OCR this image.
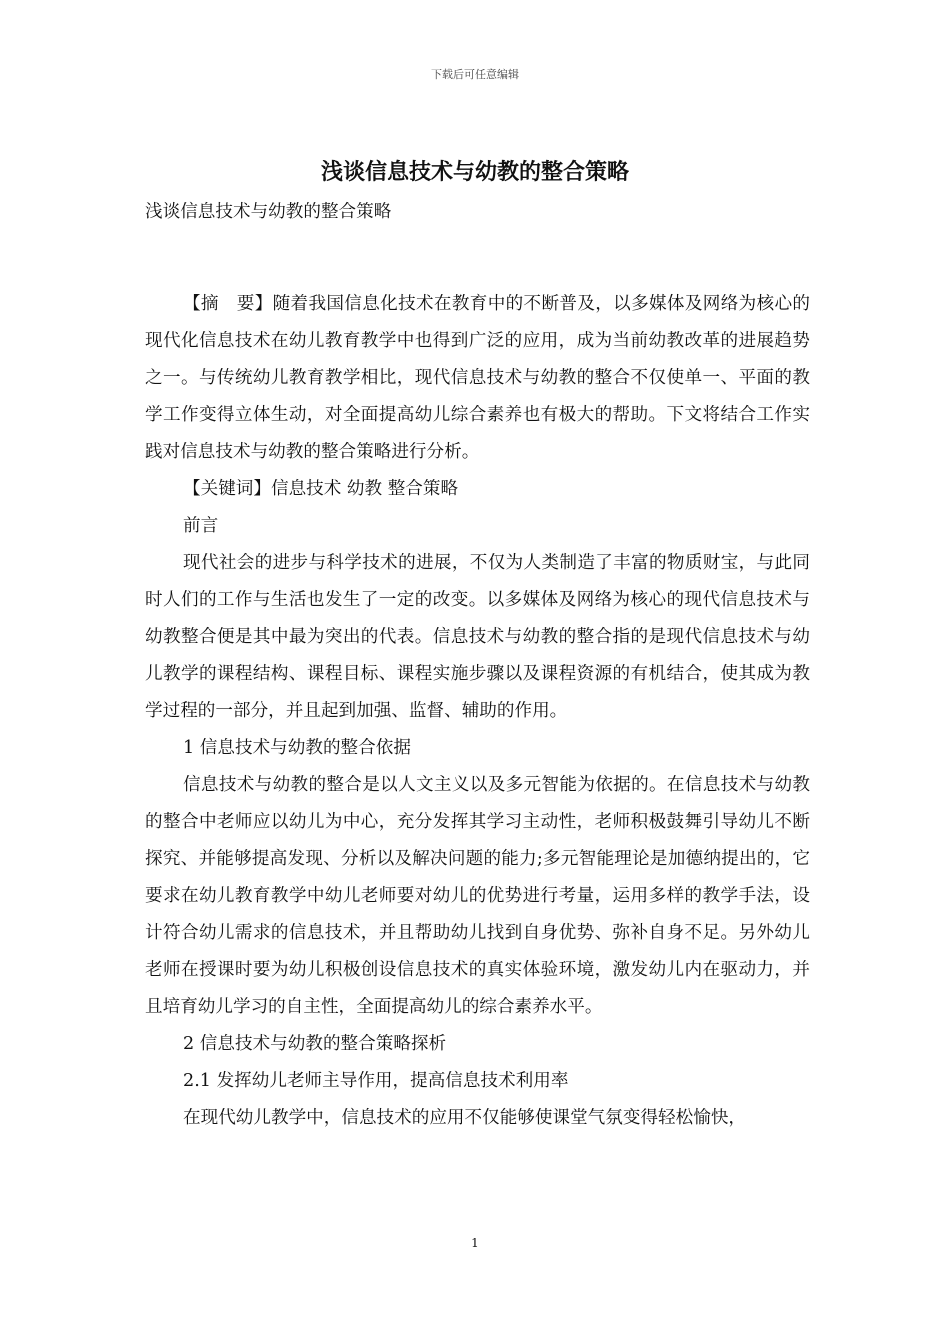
下载后可任意编辑
浅谈信息技术与幼教的整合策略

浅谈信息技术与幼教的整合策略

【摘　要】随着我国信息化技术在教育中的不断普及，以多媒体及网络为核心的现代化信息技术在幼儿教育教学中也得到广泛的应用，成为当前幼教改革的进展趋势之一。与传统幼儿教育教学相比，现代信息技术与幼教的整合不仅使单一、平面的教学工作变得立体生动，对全面提高幼儿综合素养也有极大的帮助。下文将结合工作实践对信息技术与幼教的整合策略进行分析。

【关键词】信息技术 幼教 整合策略

前言

现代社会的进步与科学技术的进展，不仅为人类制造了丰富的物质财宝，与此同时人们的工作与生活也发生了一定的改变。以多媒体及网络为核心的现代信息技术与幼教整合便是其中最为突出的代表。信息技术与幼教的整合指的是现代信息技术与幼儿教学的课程结构、课程目标、课程实施步骤以及课程资源的有机结合，使其成为教学过程的一部分，并且起到加强、监督、辅助的作用。

1 信息技术与幼教的整合依据

信息技术与幼教的整合是以人文主义以及多元智能为依据的。在信息技术与幼教的整合中老师应以幼儿为中心，充分发挥其学习主动性，老师积极鼓舞引导幼儿不断探究、并能够提高发现、分析以及解决问题的能力;多元智能理论是加德纳提出的，它要求在幼儿教育教学中幼儿老师要对幼儿的优势进行考量，运用多样的教学手法，设计符合幼儿需求的信息技术，并且帮助幼儿找到自身优势、弥补自身不足。另外幼儿老师在授课时要为幼儿积极创设信息技术的真实体验环境，激发幼儿内在驱动力，并且培育幼儿学习的自主性，全面提高幼儿的综合素养水平。

2 信息技术与幼教的整合策略探析

2.1 发挥幼儿老师主导作用，提高信息技术利用率

在现代幼儿教学中，信息技术的应用不仅能够使课堂气氛变得轻松愉快，

1
